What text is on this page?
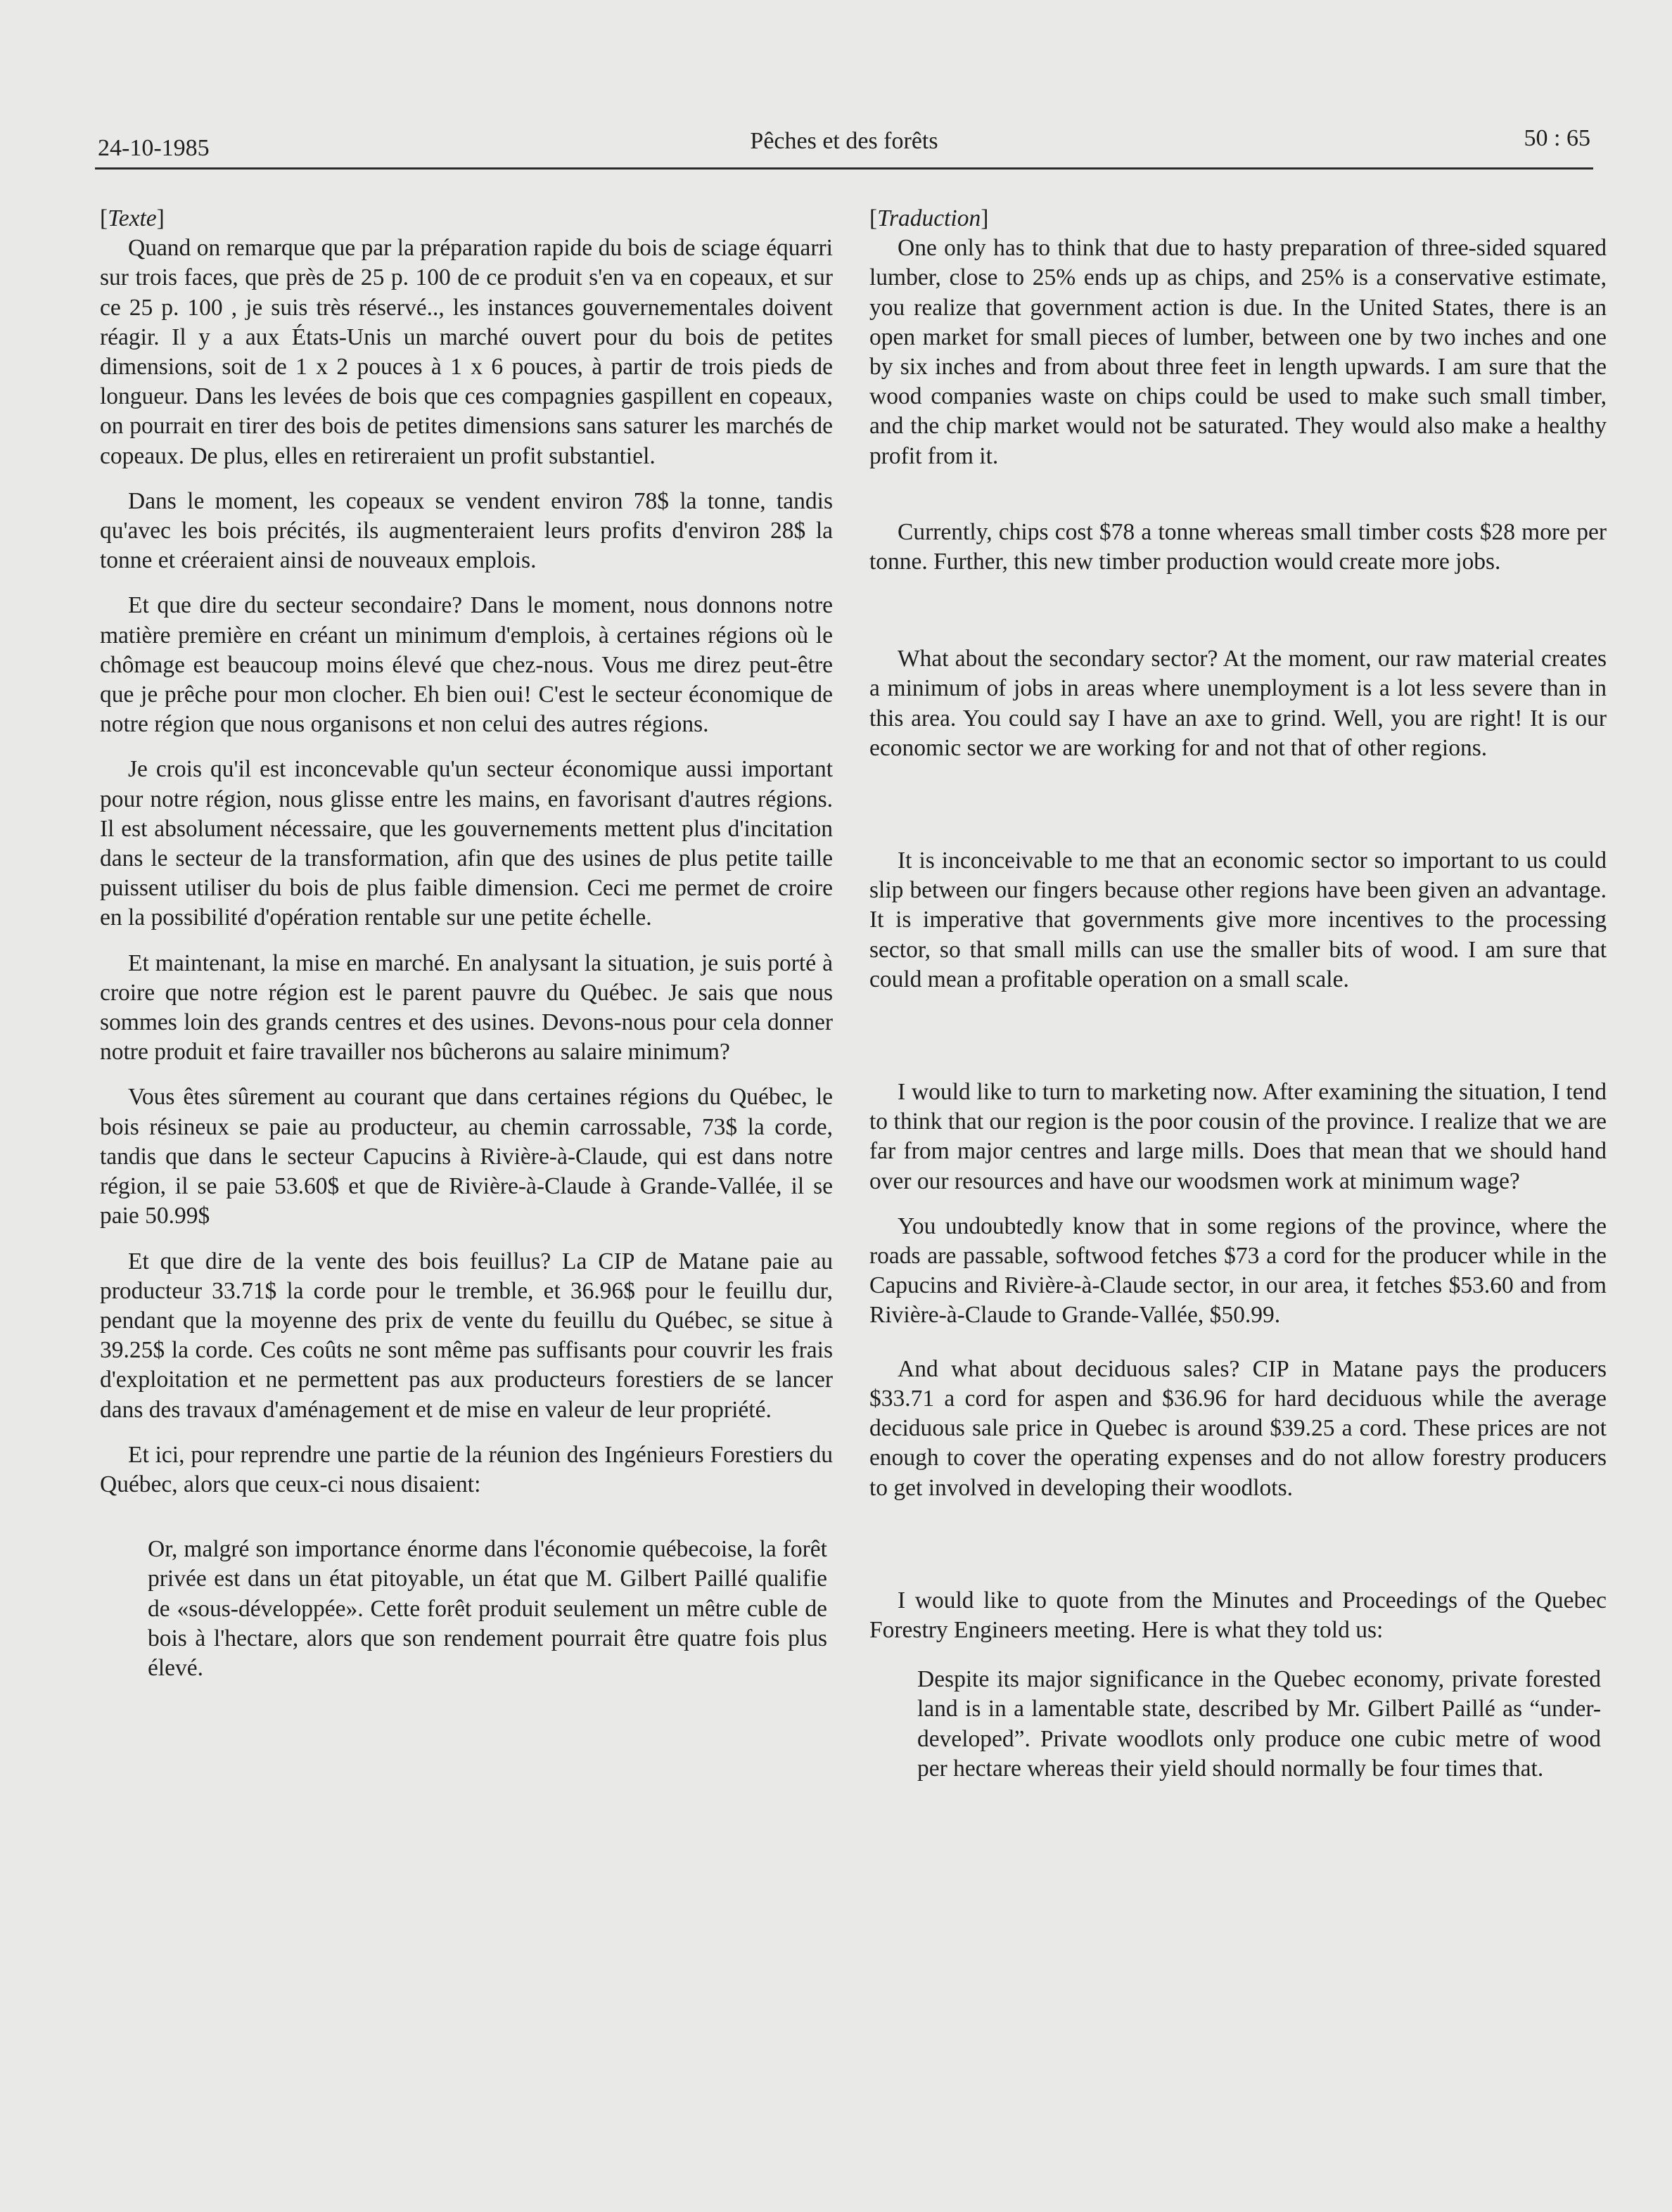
24-10-1985	Pêches et des forêts	50 : 65

[Texte]

Quand on remarque que par la préparation rapide du bois de sciage équarri sur trois faces, que près de 25 p. 100 de ce produit s'en va en copeaux, et sur ce 25 p. 100 , je suis très réservé.., les instances gouvernementales doivent réagir. Il y a aux États-Unis un marché ouvert pour du bois de petites dimensions, soit de 1 x 2 pouces à 1 x 6 pouces, à partir de trois pieds de longueur. Dans les levées de bois que ces compagnies gaspillent en copeaux, on pourrait en tirer des bois de petites dimensions sans saturer les marchés de copeaux. De plus, elles en retireraient un profit substantiel.

Dans le moment, les copeaux se vendent environ 78$ la tonne, tandis qu'avec les bois précités, ils augmenteraient leurs profits d'environ 28$ la tonne et créeraient ainsi de nouveaux emplois.

Et que dire du secteur secondaire? Dans le moment, nous donnons notre matière première en créant un minimum d'emplois, à certaines régions où le chômage est beaucoup moins élevé que chez-nous. Vous me direz peut-être que je prêche pour mon clocher. Eh bien oui! C'est le secteur économique de notre région que nous organisons et non celui des autres régions.

Je crois qu'il est inconcevable qu'un secteur économique aussi important pour notre région, nous glisse entre les mains, en favorisant d'autres régions. Il est absolument nécessaire, que les gouvernements mettent plus d'incitation dans le secteur de la transformation, afin que des usines de plus petite taille puissent utiliser du bois de plus faible dimension. Ceci me permet de croire en la possibilité d'opération rentable sur une petite échelle.

Et maintenant, la mise en marché. En analysant la situation, je suis porté à croire que notre région est le parent pauvre du Québec. Je sais que nous sommes loin des grands centres et des usines. Devons-nous pour cela donner notre produit et faire travailler nos bûcherons au salaire minimum?

Vous êtes sûrement au courant que dans certaines régions du Québec, le bois résineux se paie au producteur, au chemin carrossable, 73$ la corde, tandis que dans le secteur Capucins à Rivière-à-Claude, qui est dans notre région, il se paie 53.60$ et que de Rivière-à-Claude à Grande-Vallée, il se paie 50.99$

Et que dire de la vente des bois feuillus? La CIP de Matane paie au producteur 33.71$ la corde pour le tremble, et 36.96$ pour le feuillu dur, pendant que la moyenne des prix de vente du feuillu du Québec, se situe à 39.25$ la corde. Ces coûts ne sont même pas suffisants pour couvrir les frais d'exploitation et ne permettent pas aux producteurs forestiers de se lancer dans des travaux d'aménagement et de mise en valeur de leur propriété.

Et ici, pour reprendre une partie de la réunion des Ingénieurs Forestiers du Québec, alors que ceux-ci nous disaient:

Or, malgré son importance énorme dans l'économie québecoise, la forêt privée est dans un état pitoyable, un état que M. Gilbert Paillé qualifie de «sous-développée». Cette forêt produit seulement un mêtre cuble de bois à l'hectare, alors que son rendement pourrait être quatre fois plus élevé.

[Traduction]

One only has to think that due to hasty preparation of three-sided squared lumber, close to 25% ends up as chips, and 25% is a conservative estimate, you realize that government action is due. In the United States, there is an open market for small pieces of lumber, between one by two inches and one by six inches and from about three feet in length upwards. I am sure that the wood companies waste on chips could be used to make such small timber, and the chip market would not be saturated. They would also make a healthy profit from it.

Currently, chips cost $78 a tonne whereas small timber costs $28 more per tonne. Further, this new timber production would create more jobs.

What about the secondary sector? At the moment, our raw material creates a minimum of jobs in areas where unemployment is a lot less severe than in this area. You could say I have an axe to grind. Well, you are right! It is our economic sector we are working for and not that of other regions.

It is inconceivable to me that an economic sector so important to us could slip between our fingers because other regions have been given an advantage. It is imperative that governments give more incentives to the processing sector, so that small mills can use the smaller bits of wood. I am sure that could mean a profitable operation on a small scale.

I would like to turn to marketing now. After examining the situation, I tend to think that our region is the poor cousin of the province. I realize that we are far from major centres and large mills. Does that mean that we should hand over our resources and have our woodsmen work at minimum wage?

You undoubtedly know that in some regions of the province, where the roads are passable, softwood fetches $73 a cord for the producer while in the Capucins and Rivière-à-Claude sector, in our area, it fetches $53.60 and from Rivière-à-Claude to Grande-Vallée, $50.99.

And what about deciduous sales? CIP in Matane pays the producers $33.71 a cord for aspen and $36.96 for hard deciduous while the average deciduous sale price in Quebec is around $39.25 a cord. These prices are not enough to cover the operating expenses and do not allow forestry producers to get involved in developing their woodlots.

I would like to quote from the Minutes and Proceedings of the Quebec Forestry Engineers meeting. Here is what they told us:

Despite its major significance in the Quebec economy, private forested land is in a lamentable state, described by Mr. Gilbert Paillé as “under-developed”. Private woodlots only produce one cubic metre of wood per hectare whereas their yield should normally be four times that.
